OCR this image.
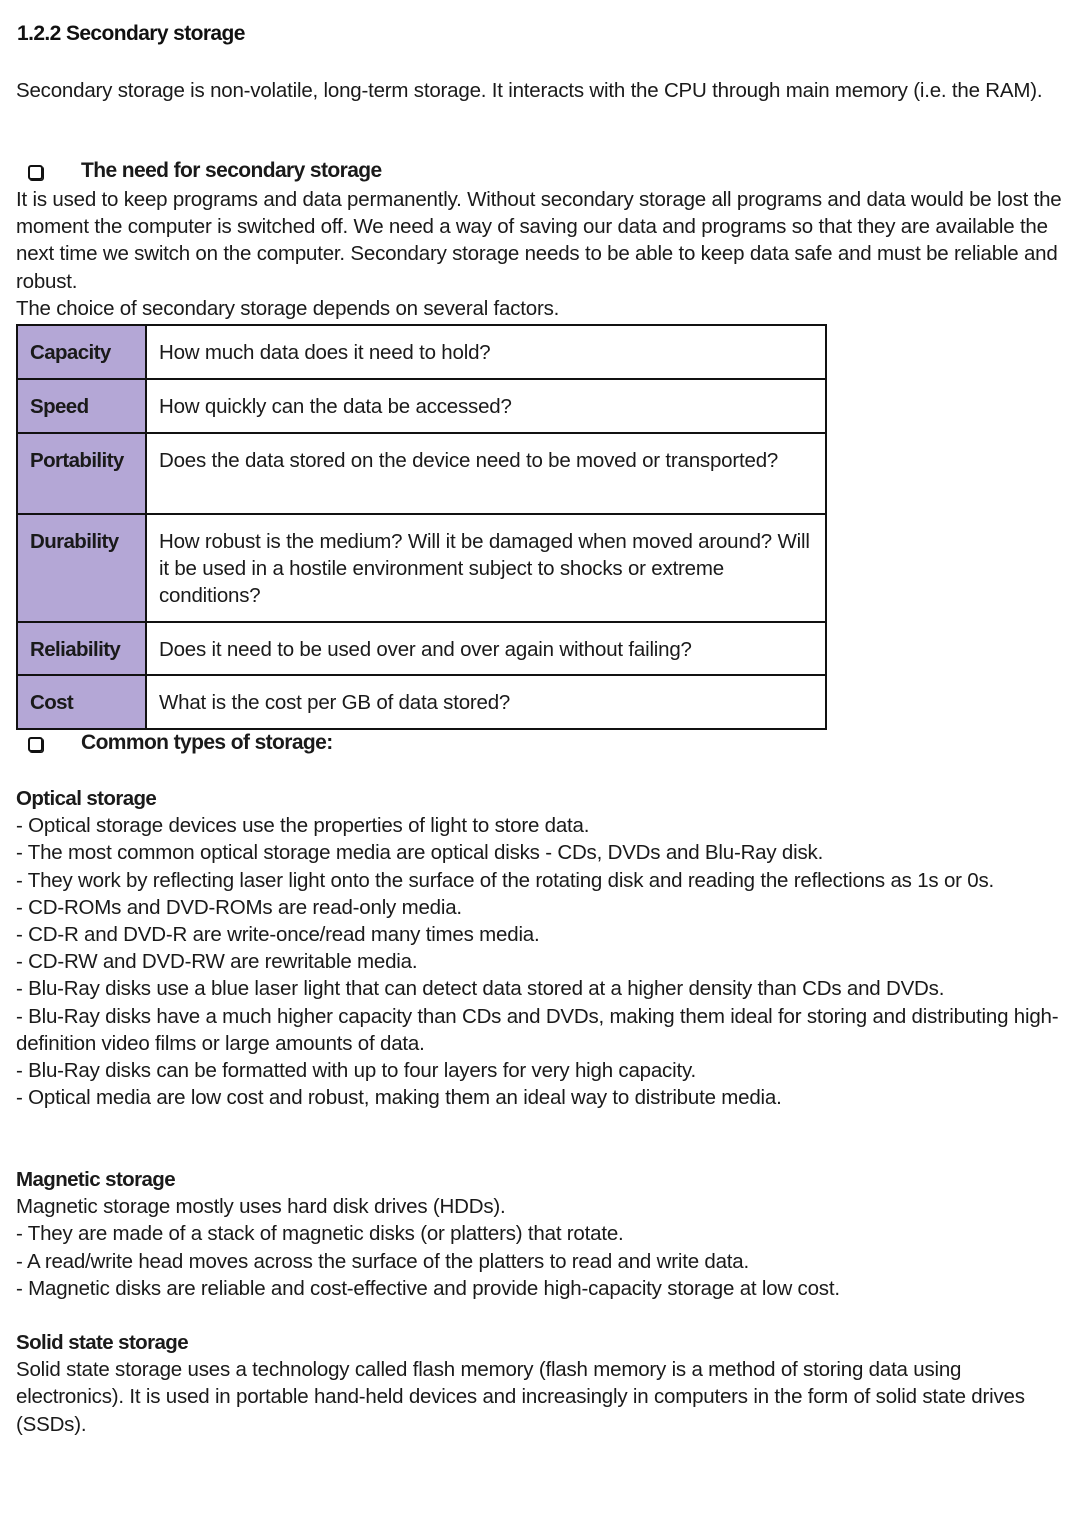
1.2.2 Secondary storage

Secondary storage is non-volatile, long-term storage. It interacts with the CPU through main memory (i.e. the RAM).

The need for secondary storage

It is used to keep programs and data permanently. Without secondary storage all programs and data would be lost the moment the computer is switched off. We need a way of saving our data and programs so that they are available the next time we switch on the computer. Secondary storage needs to be able to keep data safe and must be reliable and robust.

The choice of secondary storage depends on several factors.

Capacity	How much data does it need to hold?
Speed	How quickly can the data be accessed?
Portability	Does the data stored on the device need to be moved or transported?
Durability	How robust is the medium? Will it be damaged when moved around? Will it be used in a hostile environment subject to shocks or extreme conditions?
Reliability	Does it need to be used over and over again without failing?
Cost	What is the cost per GB of data stored?
Common types of storage:

Optical storage

- Optical storage devices use the properties of light to store data.

- The most common optical storage media are optical disks - CDs, DVDs and Blu-Ray disk.

- They work by reflecting laser light onto the surface of the rotating disk and reading the reflections as 1s or 0s.

- CD-ROMs and DVD-ROMs are read-only media.

- CD-R and DVD-R are write-once/read many times media.

- CD-RW and DVD-RW are rewritable media.

- Blu-Ray disks use a blue laser light that can detect data stored at a higher density than CDs and DVDs.

- Blu-Ray disks have a much higher capacity than CDs and DVDs, making them ideal for storing and distributing high-definition video films or large amounts of data.

- Blu-Ray disks can be formatted with up to four layers for very high capacity.

- Optical media are low cost and robust, making them an ideal way to distribute media.

Magnetic storage

Magnetic storage mostly uses hard disk drives (HDDs).

- They are made of a stack of magnetic disks (or platters) that rotate.

- A read/write head moves across the surface of the platters to read and write data.

- Magnetic disks are reliable and cost-effective and provide high-capacity storage at low cost.

Solid state storage

Solid state storage uses a technology called flash memory (flash memory is a method of storing data using electronics). It is used in portable hand-held devices and increasingly in computers in the form of solid state drives (SSDs).
